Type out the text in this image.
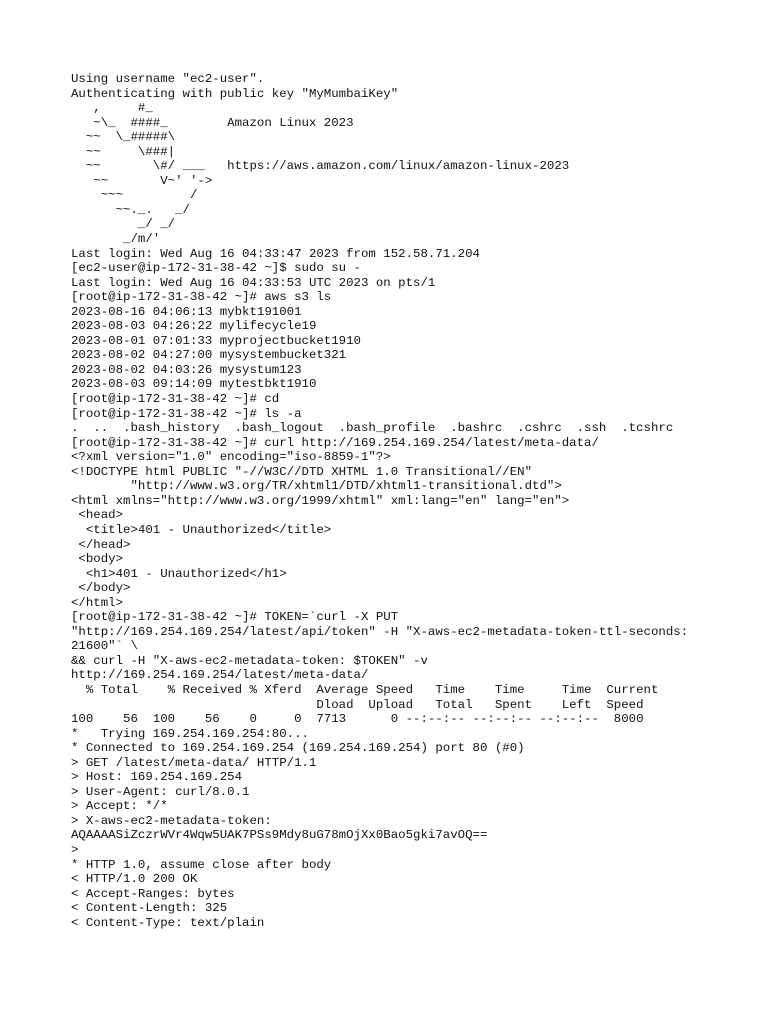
Using username "ec2-user".
Authenticating with public key "MyMumbaiKey"
,     #_
~\_  ####_        Amazon Linux 2023
~~  \_#####\
~~     \###|
~~       \#/ ___   https://aws.amazon.com/linux/amazon-linux-2023
~~       V~' '->
~~~         /
~~._.   _/
_/ _/
_/m/'
Last login: Wed Aug 16 04:33:47 2023 from 152.58.71.204
[ec2-user@ip-172-31-38-42 ~]$ sudo su -
Last login: Wed Aug 16 04:33:53 UTC 2023 on pts/1
[root@ip-172-31-38-42 ~]# aws s3 ls
2023-08-16 04:06:13 mybkt191001
2023-08-03 04:26:22 mylifecycle19
2023-08-01 07:01:33 myprojectbucket1910
2023-08-02 04:27:00 mysystembucket321
2023-08-02 04:03:26 mysystum123
2023-08-03 09:14:09 mytestbkt1910
[root@ip-172-31-38-42 ~]# cd
[root@ip-172-31-38-42 ~]# ls -a
.  ..  .bash_history  .bash_logout  .bash_profile  .bashrc  .cshrc  .ssh  .tcshrc
[root@ip-172-31-38-42 ~]# curl http://169.254.169.254/latest/meta-data/
<?xml version="1.0" encoding="iso-8859-1"?>
<!DOCTYPE html PUBLIC "-//W3C//DTD XHTML 1.0 Transitional//EN"
"http://www.w3.org/TR/xhtml1/DTD/xhtml1-transitional.dtd">
<html xmlns="http://www.w3.org/1999/xhtml" xml:lang="en" lang="en">
<head>
<title>401 - Unauthorized</title>
</head>
<body>
<h1>401 - Unauthorized</h1>
</body>
</html>
[root@ip-172-31-38-42 ~]# TOKEN=`curl -X PUT
"http://169.254.169.254/latest/api/token" -H "X-aws-ec2-metadata-token-ttl-seconds:
21600"` \
&& curl -H "X-aws-ec2-metadata-token: $TOKEN" -v
http://169.254.169.254/latest/meta-data/
% Total    % Received % Xferd  Average Speed   Time    Time     Time  Current
Dload  Upload   Total   Spent    Left  Speed
100    56  100    56    0     0  7713      0 --:--:-- --:--:-- --:--:--  8000
*   Trying 169.254.169.254:80...
* Connected to 169.254.169.254 (169.254.169.254) port 80 (#0)
> GET /latest/meta-data/ HTTP/1.1
> Host: 169.254.169.254
> User-Agent: curl/8.0.1
> Accept: */*
> X-aws-ec2-metadata-token:
AQAAAASiZczrWVr4Wqw5UAK7PSs9Mdy8uG78mOjXx0Bao5gki7avOQ==
>
* HTTP 1.0, assume close after body
< HTTP/1.0 200 OK
< Accept-Ranges: bytes
< Content-Length: 325
< Content-Type: text/plain
